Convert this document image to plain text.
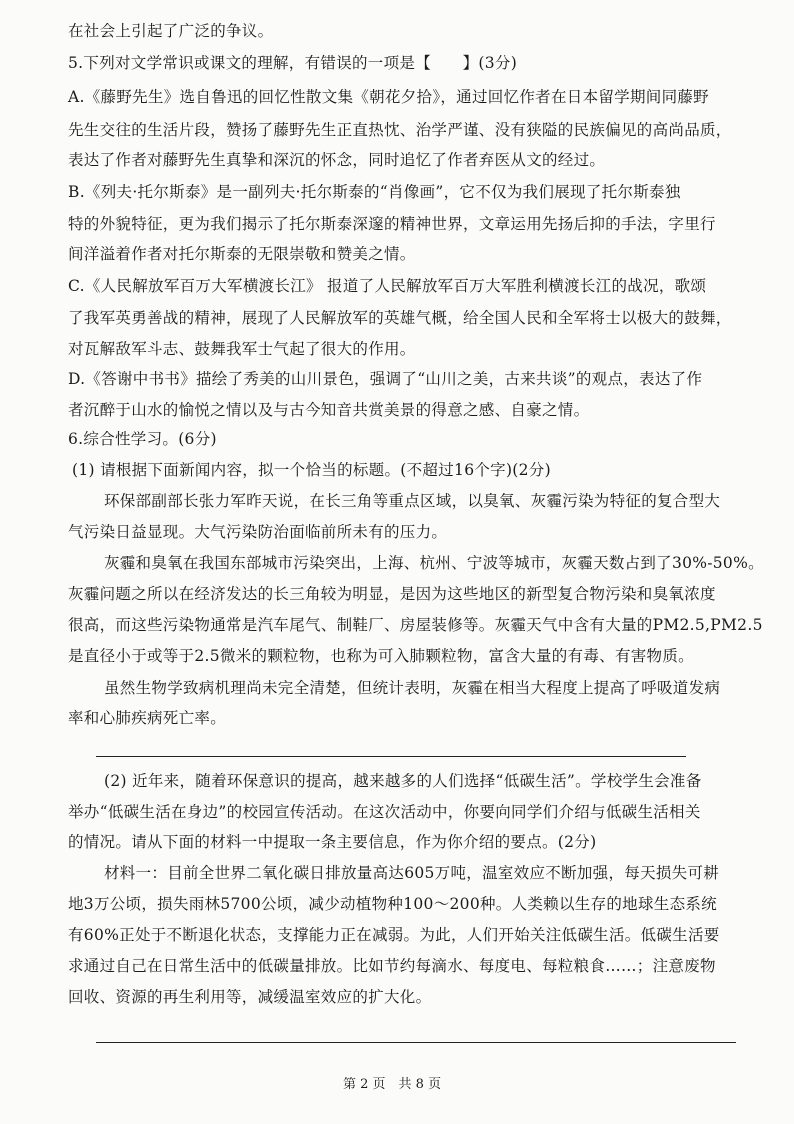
在社会上引起了广泛的争议。
5.下列对文学常识或课文的理解，有错误的一项是【　　】(3分)
A.《藤野先生》选自鲁迅的回忆性散文集《朝花夕拾》，通过回忆作者在日本留学期间同藤野
先生交往的生活片段，赞扬了藤野先生正直热忱、治学严谨、没有狭隘的民族偏见的高尚品质，
表达了作者对藤野先生真挚和深沉的怀念，同时追忆了作者弃医从文的经过。
B.《列夫·托尔斯泰》是一副列夫·托尔斯泰的“肖像画”，它不仅为我们展现了托尔斯泰独
特的外貌特征，更为我们揭示了托尔斯泰深邃的精神世界，文章运用先扬后抑的手法，字里行
间洋溢着作者对托尔斯泰的无限崇敬和赞美之情。
C.《人民解放军百万大军横渡长江》 报道了人民解放军百万大军胜利横渡长江的战况，歌颂
了我军英勇善战的精神，展现了人民解放军的英雄气概，给全国人民和全军将士以极大的鼓舞，
对瓦解敌军斗志、鼓舞我军士气起了很大的作用。
D.《答谢中书书》描绘了秀美的山川景色，强调了“山川之美，古来共谈”的观点，表达了作
者沉醉于山水的愉悦之情以及与古今知音共赏美景的得意之感、自豪之情。
6.综合性学习。(6分)
(1) 请根据下面新闻内容，拟一个恰当的标题。(不超过16个字)(2分)
环保部副部长张力军昨天说，在长三角等重点区域，以臭氧、灰霾污染为特征的复合型大
气污染日益显现。大气污染防治面临前所未有的压力。
灰霾和臭氧在我国东部城市污染突出，上海、杭州、宁波等城市，灰霾天数占到了30%-50%。
灰霾问题之所以在经济发达的长三角较为明显，是因为这些地区的新型复合物污染和臭氧浓度
很高，而这些污染物通常是汽车尾气、制鞋厂、房屋装修等。灰霾天气中含有大量的PM2.5,PM2.5
是直径小于或等于2.5微米的颗粒物，也称为可入肺颗粒物，富含大量的有毒、有害物质。
虽然生物学致病机理尚未完全清楚，但统计表明，灰霾在相当大程度上提高了呼吸道发病
率和心肺疾病死亡率。
(2) 近年来，随着环保意识的提高，越来越多的人们选择“低碳生活”。学校学生会准备
举办“低碳生活在身边”的校园宣传活动。在这次活动中，你要向同学们介绍与低碳生活相关
的情况。请从下面的材料一中提取一条主要信息，作为你介绍的要点。(2分)
材料一：目前全世界二氧化碳日排放量高达605万吨，温室效应不断加强，每天损失可耕
地3万公顷，损失雨林5700公顷，减少动植物种100～200种。人类赖以生存的地球生态系统
有60%正处于不断退化状态，支撑能力正在减弱。为此，人们开始关注低碳生活。低碳生活要
求通过自己在日常生活中的低碳量排放。比如节约每滴水、每度电、每粒粮食……；注意废物
回收、资源的再生利用等，减缓温室效应的扩大化。
第 2 页　共 8 页
